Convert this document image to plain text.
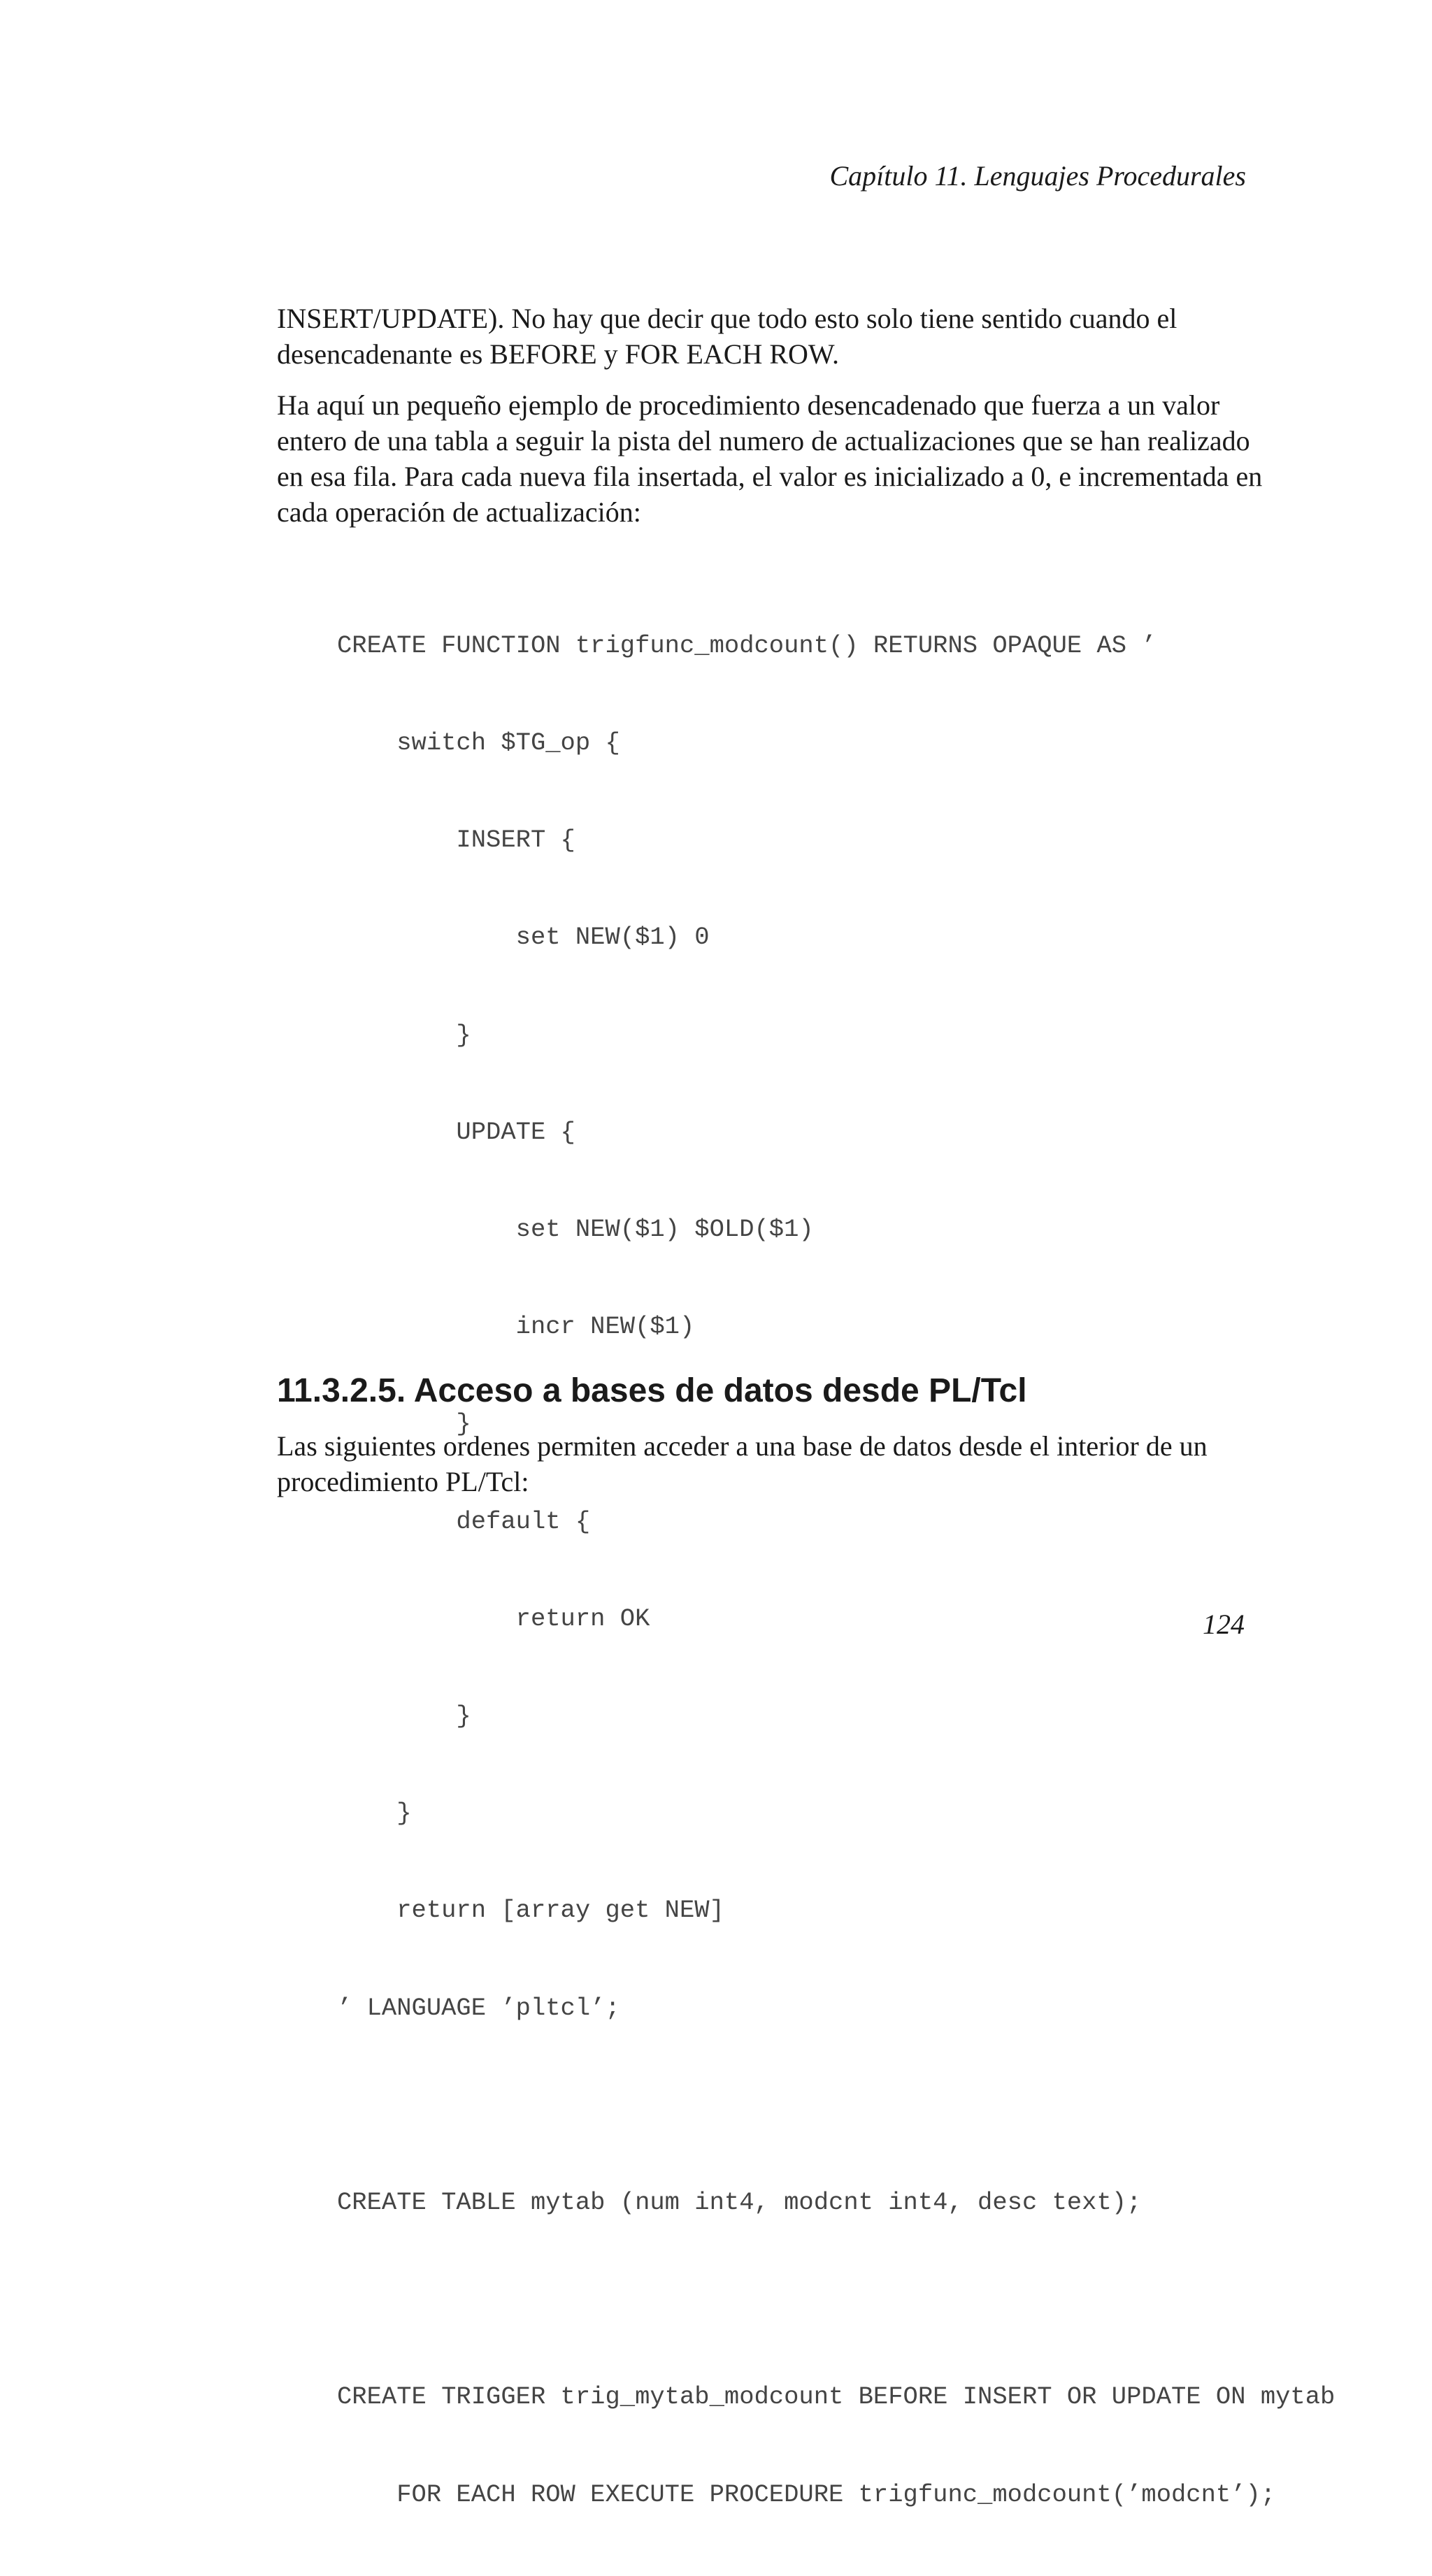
Capítulo 11. Lenguajes Procedurales

INSERT/UPDATE). No hay que decir que todo esto solo tiene sentido cuando el desencadenante es BEFORE y FOR EACH ROW.

Ha aquí un pequeño ejemplo de procedimiento desencadenado que fuerza a un valor entero de una tabla a seguir la pista del numero de actualizaciones que se han realizado en esa fila. Para cada nueva fila insertada, el valor es inicializado a 0, e incrementada en cada operación de actualización:

CREATE FUNCTION trigfunc_modcount() RETURNS OPAQUE AS ’

switch $TG_op {

INSERT {

set NEW($1) 0

}

UPDATE {

set NEW($1) $OLD($1)

incr NEW($1)

}

default {

return OK

}

}

return [array get NEW]

’ LANGUAGE ’pltcl’;

CREATE TABLE mytab (num int4, modcnt int4, desc text);

CREATE TRIGGER trig_mytab_modcount BEFORE INSERT OR UPDATE ON mytab

FOR EACH ROW EXECUTE PROCEDURE trigfunc_modcount(’modcnt’);

11.3.2.5. Acceso a bases de datos desde PL/Tcl

Las siguientes ordenes permiten acceder a una base de datos desde el interior de un procedimiento PL/Tcl:

124
